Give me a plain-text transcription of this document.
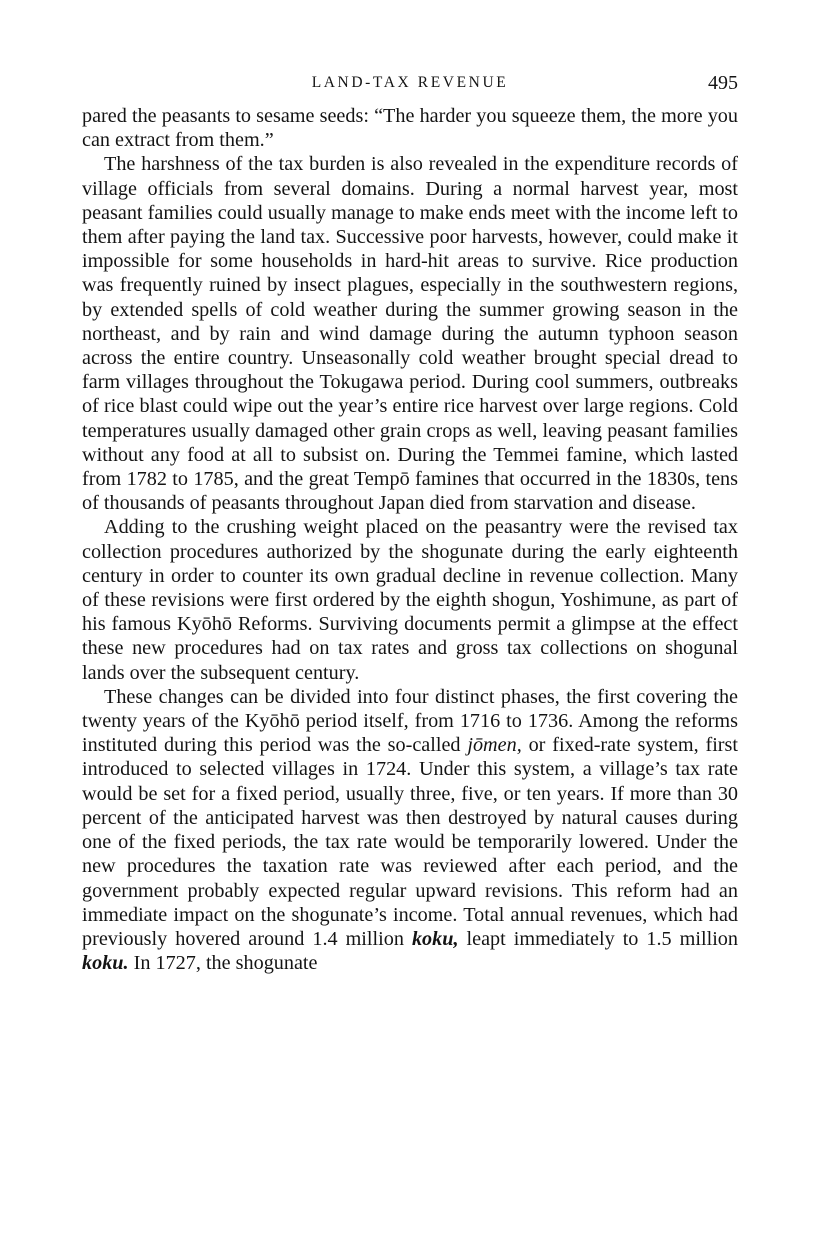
LAND-TAX REVENUE	495

pared the peasants to sesame seeds: “The harder you squeeze them, the more you can extract from them.”

The harshness of the tax burden is also revealed in the expenditure records of village officials from several domains. During a normal harvest year, most peasant families could usually manage to make ends meet with the income left to them after paying the land tax. Successive poor harvests, however, could make it impossible for some households in hard-hit areas to survive. Rice production was frequently ruined by insect plagues, especially in the southwestern regions, by extended spells of cold weather during the summer growing season in the northeast, and by rain and wind damage during the autumn typhoon season across the entire country. Unseasonally cold weather brought special dread to farm villages throughout the Tokugawa period. During cool summers, outbreaks of rice blast could wipe out the year’s entire rice harvest over large regions. Cold temperatures usually damaged other grain crops as well, leaving peasant families without any food at all to subsist on. During the Temmei famine, which lasted from 1782 to 1785, and the great Tempō famines that occurred in the 1830s, tens of thousands of peasants throughout Japan died from starvation and disease.

Adding to the crushing weight placed on the peasantry were the revised tax collection procedures authorized by the shogunate during the early eighteenth century in order to counter its own gradual decline in revenue collection. Many of these revisions were first ordered by the eighth shogun, Yoshimune, as part of his famous Kyōhō Reforms. Surviving documents permit a glimpse at the effect these new procedures had on tax rates and gross tax collections on shogunal lands over the subsequent century.

These changes can be divided into four distinct phases, the first covering the twenty years of the Kyōhō period itself, from 1716 to 1736. Among the reforms instituted during this period was the so-called jōmen, or fixed-rate system, first introduced to selected villages in 1724. Under this system, a village’s tax rate would be set for a fixed period, usually three, five, or ten years. If more than 30 percent of the anticipated harvest was then destroyed by natural causes during one of the fixed periods, the tax rate would be temporarily lowered. Under the new procedures the taxation rate was reviewed after each period, and the government probably expected regular upward revisions. This reform had an immediate impact on the shogunate’s income. Total annual revenues, which had previously hovered around 1.4 million koku, leapt immediately to 1.5 million koku. In 1727, the shogunate
